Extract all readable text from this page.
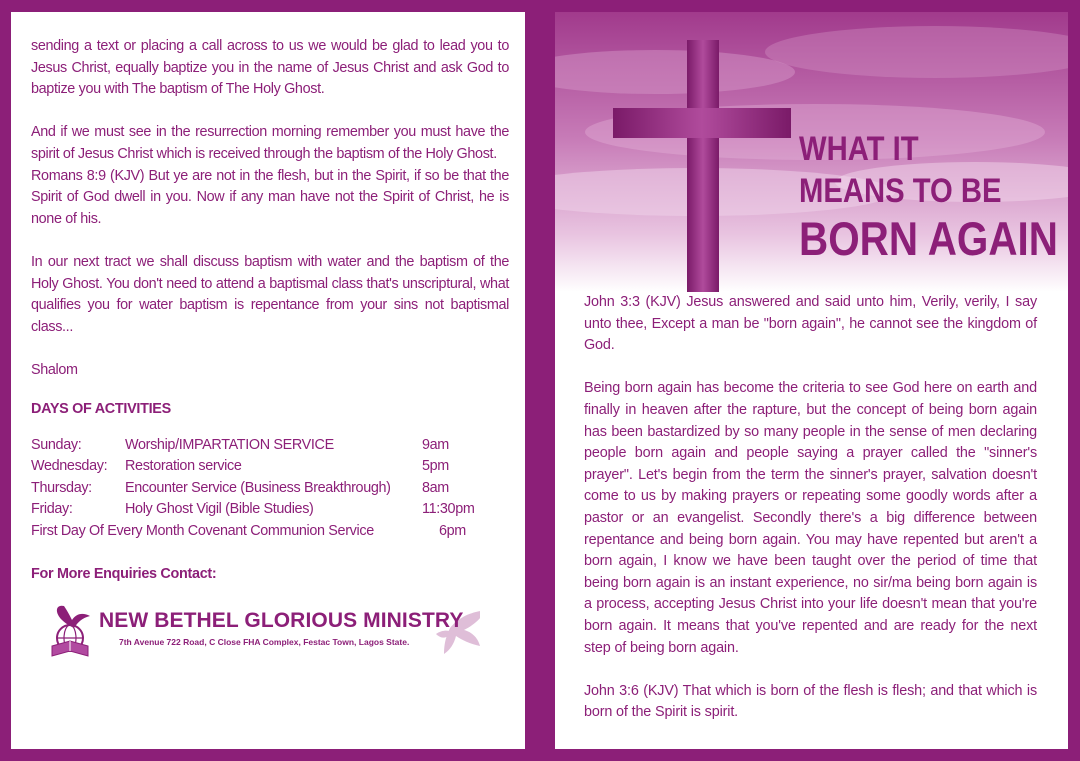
sending a text or placing a call across to us we would be glad to lead you to Jesus Christ, equally baptize you in the name of Jesus Christ and ask God to baptize you with The baptism of The Holy Ghost.

And if we must see in the resurrection morning remember you must have the spirit of Jesus Christ which is received through the baptism of the Holy Ghost.

Romans 8:9 (KJV) But ye are not in the flesh, but in the Spirit, if so be that the Spirit of God dwell in you. Now if any man have not the Spirit of Christ, he is none of his.

In our next tract we shall discuss baptism with water and the baptism of the Holy Ghost. You don't need to attend a baptismal class that's unscriptural, what qualifies you for water baptism is repentance from your sins not baptismal class...

Shalom

DAYS OF ACTIVITIES

Sunday:	Worship/IMPARTATION SERVICE	9am
Wednesday: Restoration service	5pm
Thursday: Encounter Service (Business Breakthrough) 8am
Friday:	Holy Ghost Vigil (Bible Studies)	11:30pm
First Day Of Every Month Covenant Communion Service	6pm

For More Enquiries Contact:

NEW BETHEL GLORIOUS MINISTRY
7th Avenue 722 Road, C Close FHA Complex, Festac Town, Lagos State.
WHAT IT
MEANS TO BE
BORN AGAIN

John 3:3 (KJV) Jesus answered and said unto him, Verily, verily, I say unto thee, Except a man be "born again", he cannot see the kingdom of God.

Being born again has become the criteria to see God here on earth and finally in heaven after the rapture, but the concept of being born again has been bastardized by so many people in the sense of men declaring people born again and people saying a prayer called the "sinner's prayer". Let's begin from the term the sinner's prayer, salvation doesn't come to us by making prayers or repeating some goodly words after a pastor or an evangelist. Secondly there's a big difference between repentance and being born again. You may have repented but aren't a born again, I know we have been taught over the period of time that being born again is an instant experience, no sir/ma being born again is a process, accepting Jesus Christ into your life doesn't mean that you're born again. It means that you've repented and are ready for the next step of being born again.

John 3:6 (KJV) That which is born of the flesh is flesh; and that which is born of the Spirit is spirit.
